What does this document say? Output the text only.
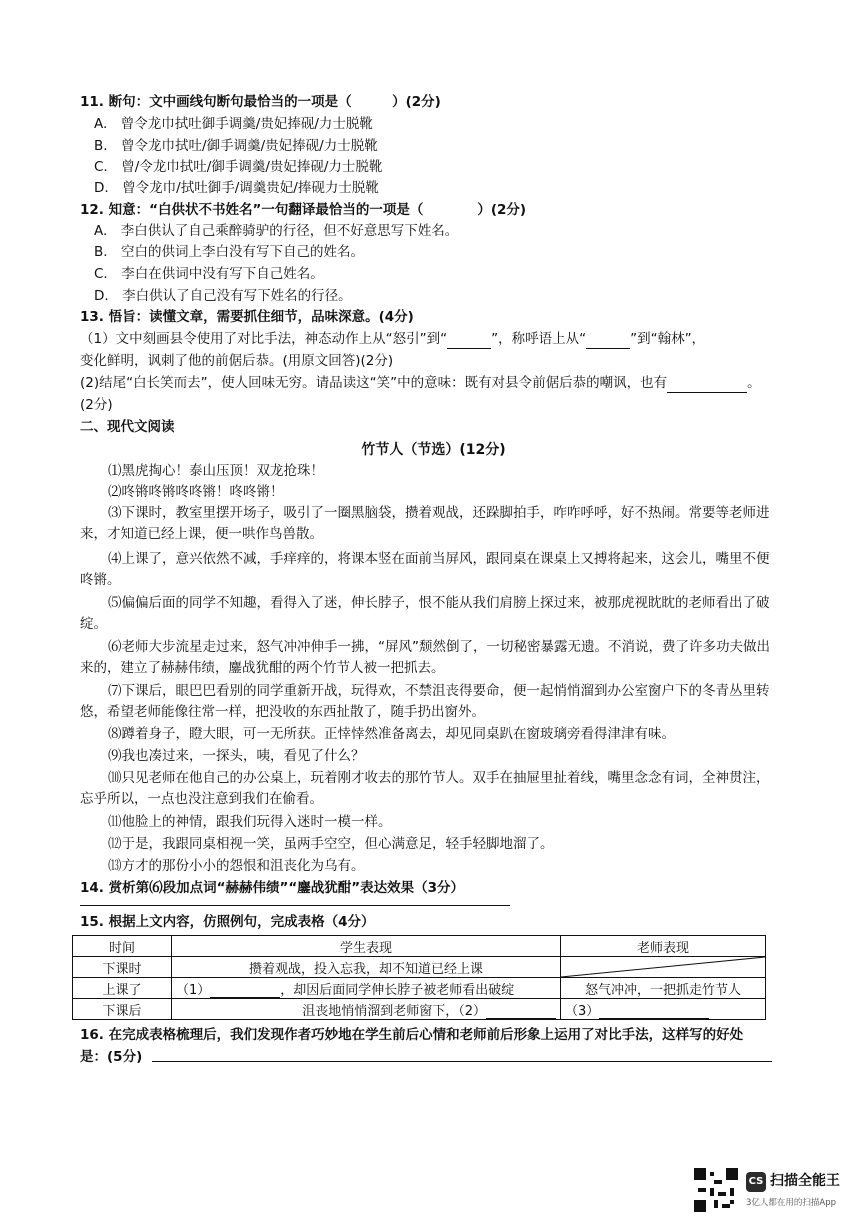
11. 断句：文中画线句断句最恰当的一项是（　　　）(2分)
A.　曾令龙巾拭吐御手调羹/贵妃捧砚/力士脱靴
B.　曾令龙巾拭吐/御手调羹/贵妃捧砚/力士脱靴
C.　曾/令龙巾拭吐/御手调羹/贵妃捧砚/力士脱靴
D.　曾令龙巾/拭吐御手/调羹贵妃/捧砚力士脱靴
12. 知意：“白供状不书姓名”一句翻译最恰当的一项是（　　　　）(2分)
A.　李白供认了自己乘醉骑驴的行径，但不好意思写下姓名。
B.　空白的供词上李白没有写下自己的姓名。
C.　李白在供词中没有写下自己姓名。
D.　李白供认了自己没有写下姓名的行径。
13. 悟旨：读懂文章，需要抓住细节，品味深意。(4分)
（1）文中刻画县令使用了对比手法，神态动作上从“怒引”到“	”，称呼语上从“	”到“翰林”，
变化鲜明，讽刺了他的前倨后恭。(用原文回答)(2分)
(2)结尾“白长笑而去”，使人回味无穷。请品读这“笑”中的意味：既有对县令前倨后恭的嘲讽，也有	。
(2分)
二、现代文阅读
竹节人（节选）(12分)
⑴黑虎掏心！泰山压顶！双龙抢珠！
⑵咚锵咚锵咚咚锵！咚咚锵！
⑶下课时，教室里摆开场子，吸引了一圈黑脑袋，攒着观战，还跺脚拍手，咋咋呼呼，好不热闹。常要等老师进来，才知道已经上课，便一哄作鸟兽散。
⑷上课了，意兴依然不减，手痒痒的，将课本竖在面前当屏风，跟同桌在课桌上又搏将起来，这会儿，嘴里不便咚锵。
⑸偏偏后面的同学不知趣，看得入了迷，伸长脖子，恨不能从我们肩膀上探过来，被那虎视眈眈的老师看出了破绽。
⑹老师大步流星走过来，怒气冲冲伸手一拂，“屏风”颓然倒了，一切秘密暴露无遗。不消说，费了许多功夫做出来的，建立了赫赫伟绩，鏖战犹酣的两个竹节人被一把抓去。
⑺下课后，眼巴巴看别的同学重新开战，玩得欢，不禁沮丧得要命，便一起悄悄溜到办公室窗户下的冬青丛里转悠，希望老师能像往常一样，把没收的东西扯散了，随手扔出窗外。
⑻蹲着身子，瞪大眼，可一无所获。正悻悻然准备离去，却见同桌趴在窗玻璃旁看得津津有味。
⑼我也凑过来，一探头，咦，看见了什么？
⑽只见老师在他自己的办公桌上，玩着刚才收去的那竹节人。双手在抽屉里扯着线，嘴里念念有词，全神贯注，忘乎所以，一点也没注意到我们在偷看。
⑾他脸上的神情，跟我们玩得入迷时一模一样。
⑿于是，我跟同桌相视一笑，虽两手空空，但心满意足，轻手轻脚地溜了。
⒀方才的那份小小的怨恨和沮丧化为乌有。
14. 赏析第⑹段加点词“赫赫伟绩”“鏖战犹酣”表达效果（3分）
15. 根据上文内容，仿照例句，完成表格（4分）
时间	学生表现	老师表现
下课时	攒着观战，投入忘我，却不知道已经上课	

上课了	（1） ，却因后面同学伸长脖子被老师看出破绽	怒气冲冲，一把抓走竹节人
下课后	沮丧地悄悄溜到老师窗下，（2）	（3）
16. 在完成表格梳理后，我们发现作者巧妙地在学生前后心情和老师前后形象上运用了对比手法，这样写的好处
是：(5分)
CS 扫描全能王
3亿人都在用的扫描App
